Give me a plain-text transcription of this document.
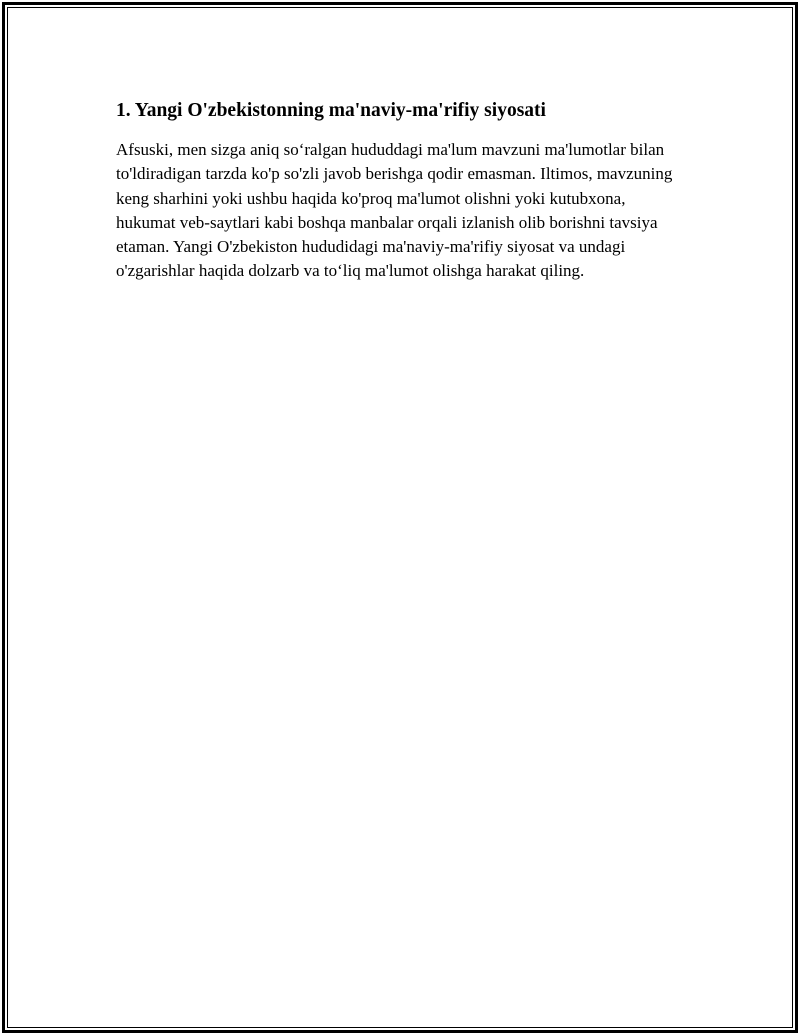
1. Yangi O'zbekistonning ma'naviy-ma'rifiy siyosati

Afsuski, men sizga aniq so‘ralgan hududdagi ma'lum mavzuni ma'lumotlar bilan to'ldiradigan tarzda ko'p so'zli javob berishga qodir emasman. Iltimos, mavzuning keng sharhini yoki ushbu haqida ko'proq ma'lumot olishni yoki kutubxona, hukumat veb-saytlari kabi boshqa manbalar orqali izlanish olib borishni tavsiya etaman. Yangi O'zbekiston hududidagi ma'naviy-ma'rifiy siyosat va undagi o'zgarishlar haqida dolzarb va to‘liq ma'lumot olishga harakat qiling.
